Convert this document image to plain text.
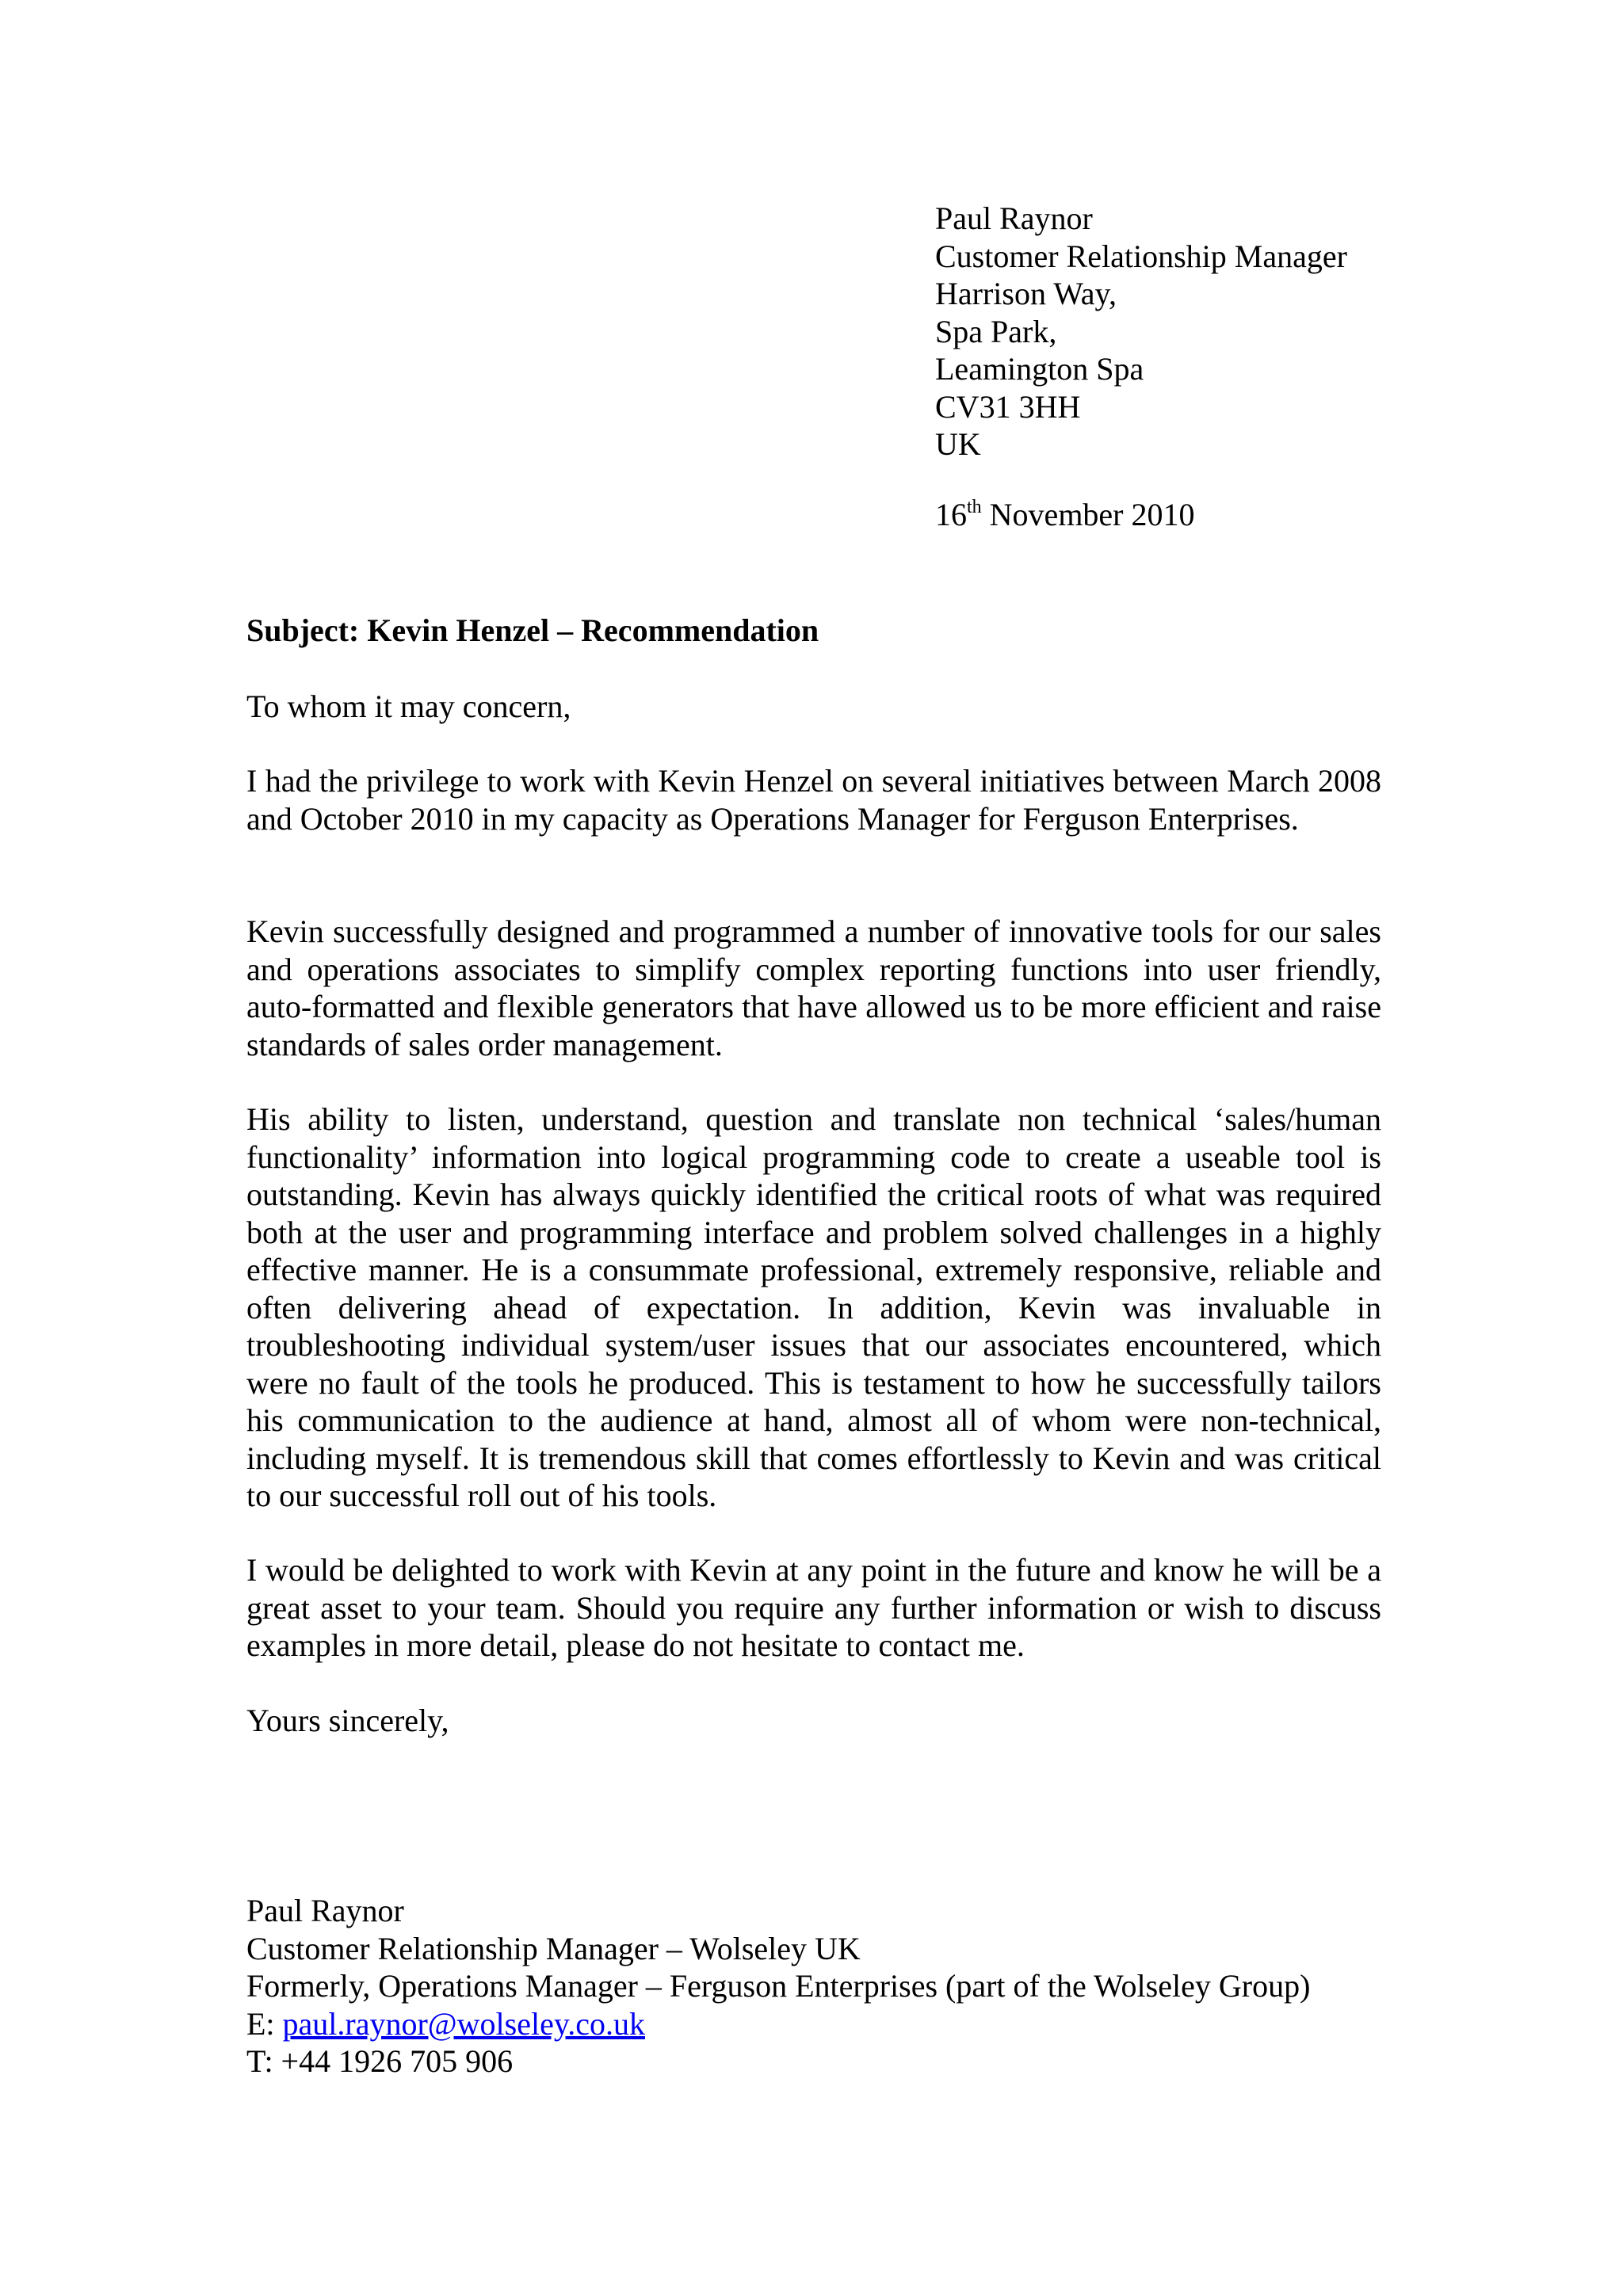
Paul Raynor
Customer Relationship Manager
Harrison Way,
Spa Park,
Leamington Spa
CV31 3HH
UK
16th November 2010
Subject: Kevin Henzel – Recommendation
To whom it may concern,

I had the privilege to work with Kevin Henzel on several initiatives between March 2008 and October 2010 in my capacity as Operations Manager for Ferguson Enterprises.

Kevin successfully designed and programmed a number of innovative tools for our sales and operations associates to simplify complex reporting functions into user friendly, auto-formatted and flexible generators that have allowed us to be more efficient and raise standards of sales order management.

His ability to listen, understand, question and translate non technical ‘sales/human functionality’ information into logical programming code to create a useable tool is outstanding. Kevin has always quickly identified the critical roots of what was required both at the user and programming interface and problem solved challenges in a highly effective manner. He is a consummate professional, extremely responsive, reliable and often delivering ahead of expectation. In addition, Kevin was invaluable in troubleshooting individual system/user issues that our associates encountered, which were no fault of the tools he produced. This is testament to how he successfully tailors his communication to the audience at hand, almost all of whom were non-technical, including myself. It is tremendous skill that comes effortlessly to Kevin and was critical to our successful roll out of his tools.

I would be delighted to work with Kevin at any point in the future and know he will be a great asset to your team. Should you require any further information or wish to discuss examples in more detail, please do not hesitate to contact me.

Yours sincerely,
Paul Raynor
Customer Relationship Manager – Wolseley UK
Formerly, Operations Manager – Ferguson Enterprises (part of the Wolseley Group)
E: paul.raynor@wolseley.co.uk
T: +44 1926 705 906
